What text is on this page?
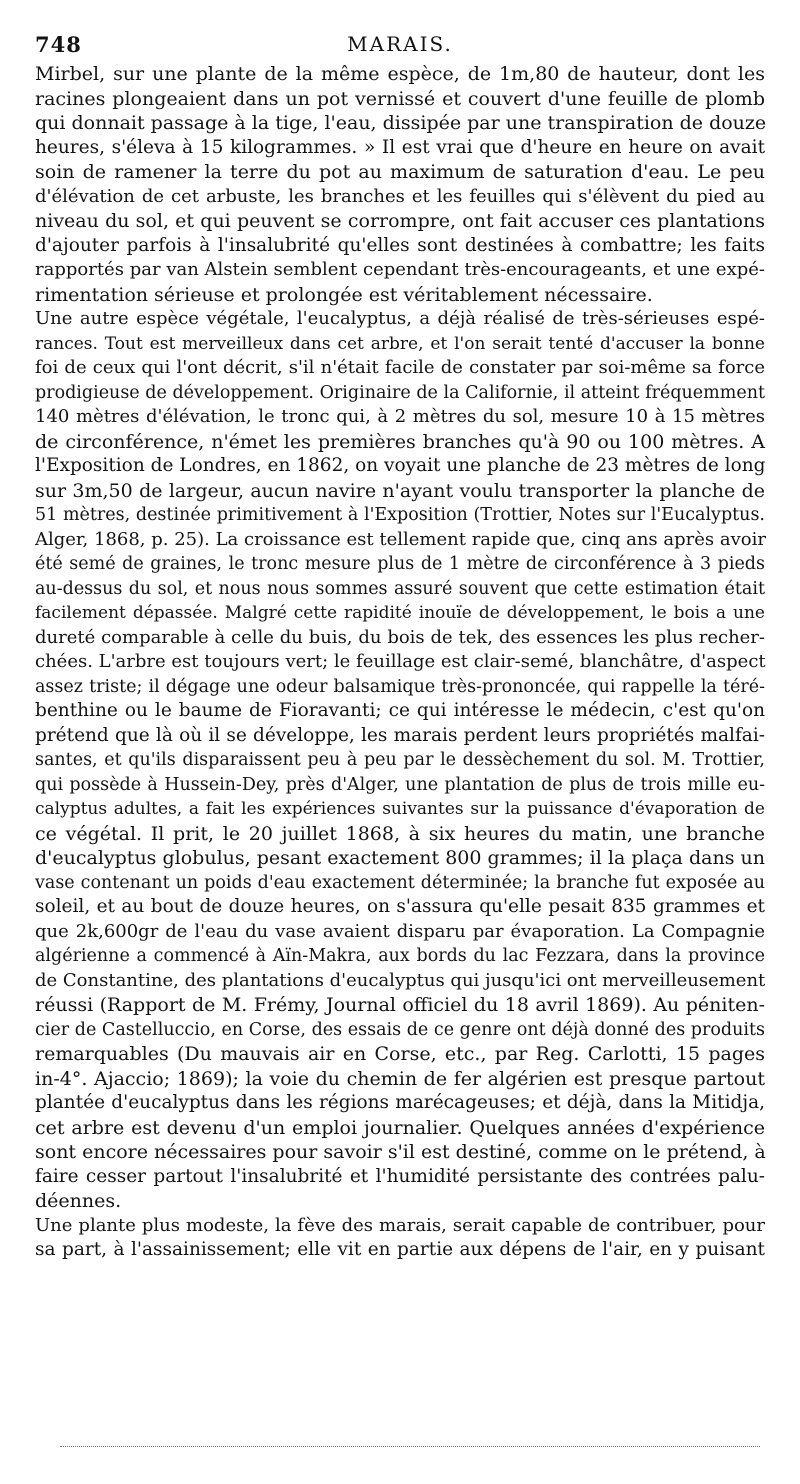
748	MARAIS.
Mirbel, sur une plante de la même espèce, de 1m,80 de hauteur, dont les
racines plongeaient dans un pot vernissé et couvert d'une feuille de plomb
qui donnait passage à la tige, l'eau, dissipée par une transpiration de douze
heures, s'éleva à 15 kilogrammes. » Il est vrai que d'heure en heure on avait
soin de ramener la terre du pot au maximum de saturation d'eau. Le peu
d'élévation de cet arbuste, les branches et les feuilles qui s'élèvent du pied au
niveau du sol, et qui peuvent se corrompre, ont fait accuser ces plantations
d'ajouter parfois à l'insalubrité qu'elles sont destinées à combattre; les faits
rapportés par van Alstein semblent cependant très-encourageants, et une expé-
rimentation sérieuse et prolongée est véritablement nécessaire.
Une autre espèce végétale, l'eucalyptus, a déjà réalisé de très-sérieuses espé-
rances. Tout est merveilleux dans cet arbre, et l'on serait tenté d'accuser la bonne
foi de ceux qui l'ont décrit, s'il n'était facile de constater par soi-même sa force
prodigieuse de développement. Originaire de la Californie, il atteint fréquemment
140 mètres d'élévation, le tronc qui, à 2 mètres du sol, mesure 10 à 15 mètres
de circonférence, n'émet les premières branches qu'à 90 ou 100 mètres. A
l'Exposition de Londres, en 1862, on voyait une planche de 23 mètres de long
sur 3m,50 de largeur, aucun navire n'ayant voulu transporter la planche de
51 mètres, destinée primitivement à l'Exposition (Trottier, Notes sur l'Eucalyptus.
Alger, 1868, p. 25). La croissance est tellement rapide que, cinq ans après avoir
été semé de graines, le tronc mesure plus de 1 mètre de circonférence à 3 pieds
au-dessus du sol, et nous nous sommes assuré souvent que cette estimation était
facilement dépassée. Malgré cette rapidité inouïe de développement, le bois a une
dureté comparable à celle du buis, du bois de tek, des essences les plus recher-
chées. L'arbre est toujours vert; le feuillage est clair-semé, blanchâtre, d'aspect
assez triste; il dégage une odeur balsamique très-prononcée, qui rappelle la téré-
benthine ou le baume de Fioravanti; ce qui intéresse le médecin, c'est qu'on
prétend que là où il se développe, les marais perdent leurs propriétés malfai-
santes, et qu'ils disparaissent peu à peu par le dessèchement du sol. M. Trottier,
qui possède à Hussein-Dey, près d'Alger, une plantation de plus de trois mille eu-
calyptus adultes, a fait les expériences suivantes sur la puissance d'évaporation de
ce végétal. Il prit, le 20 juillet 1868, à six heures du matin, une branche
d'eucalyptus globulus, pesant exactement 800 grammes; il la plaça dans un
vase contenant un poids d'eau exactement déterminée; la branche fut exposée au
soleil, et au bout de douze heures, on s'assura qu'elle pesait 835 grammes et
que 2k,600gr de l'eau du vase avaient disparu par évaporation. La Compagnie
algérienne a commencé à Aïn-Makra, aux bords du lac Fezzara, dans la province
de Constantine, des plantations d'eucalyptus qui jusqu'ici ont merveilleusement
réussi (Rapport de M. Frémy, Journal officiel du 18 avril 1869). Au péniten-
cier de Castelluccio, en Corse, des essais de ce genre ont déjà donné des produits
remarquables (Du mauvais air en Corse, etc., par Reg. Carlotti, 15 pages
in-4°. Ajaccio; 1869); la voie du chemin de fer algérien est presque partout
plantée d'eucalyptus dans les régions marécageuses; et déjà, dans la Mitidja,
cet arbre est devenu d'un emploi journalier. Quelques années d'expérience
sont encore nécessaires pour savoir s'il est destiné, comme on le prétend, à
faire cesser partout l'insalubrité et l'humidité persistante des contrées palu-
déennes.
Une plante plus modeste, la fève des marais, serait capable de contribuer, pour
sa part, à l'assainissement; elle vit en partie aux dépens de l'air, en y puisant
